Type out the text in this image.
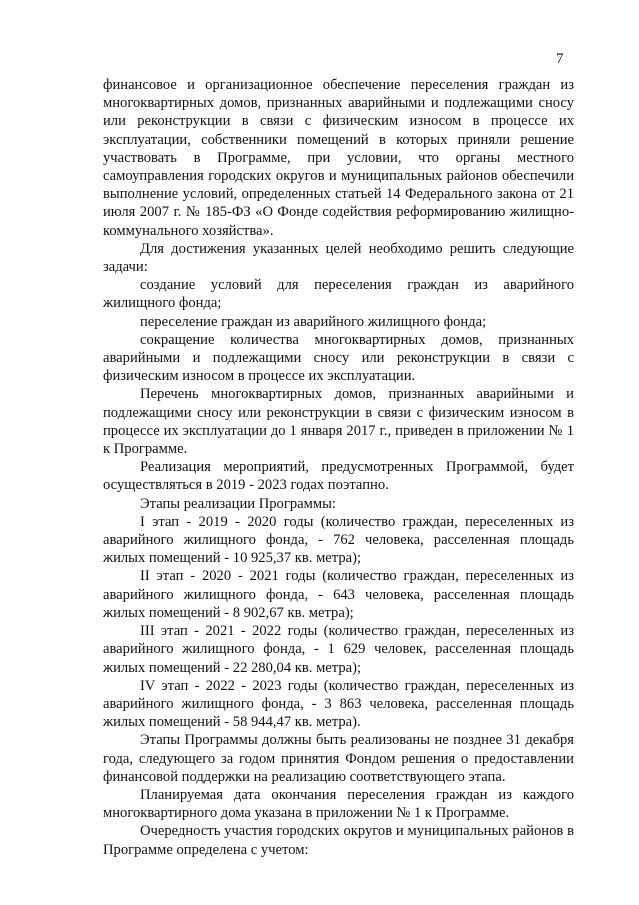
7

финансовое и организационное обеспечение переселения граждан из многоквартирных домов, признанных аварийными и подлежащими сносу или реконструкции в связи с физическим износом в процессе их эксплуатации, собственники помещений в которых приняли решение участвовать в Программе, при условии, что органы местного самоуправления городских округов и муниципальных районов обеспечили выполнение условий, определенных статьей 14 Федерального закона от 21 июля 2007 г. № 185-ФЗ «О Фонде содействия реформированию жилищно-коммунального хозяйства».

Для достижения указанных целей необходимо решить следующие задачи:

создание условий для переселения граждан из аварийного жилищного фонда;

переселение граждан из аварийного жилищного фонда;

сокращение количества многоквартирных домов, признанных аварийными и подлежащими сносу или реконструкции в связи с физическим износом в процессе их эксплуатации.

Перечень многоквартирных домов, признанных аварийными и подлежащими сносу или реконструкции в связи с физическим износом в процессе их эксплуатации до 1 января 2017 г., приведен в приложении № 1 к Программе.

Реализация мероприятий, предусмотренных Программой, будет осуществляться в 2019 - 2023 годах поэтапно.

Этапы реализации Программы:

I этап - 2019 - 2020 годы (количество граждан, переселенных из аварийного жилищного фонда, - 762 человека, расселенная площадь жилых помещений - 10 925,37 кв. метра);

II этап - 2020 - 2021 годы (количество граждан, переселенных из аварийного жилищного фонда, - 643 человека, расселенная площадь жилых помещений - 8 902,67 кв. метра);

III этап - 2021 - 2022 годы (количество граждан, переселенных из аварийного жилищного фонда, - 1 629 человек, расселенная площадь жилых помещений - 22 280,04 кв. метра);

IV этап - 2022 - 2023 годы (количество граждан, переселенных из аварийного жилищного фонда, - 3 863 человека, расселенная площадь жилых помещений - 58 944,47 кв. метра).

Этапы Программы должны быть реализованы не позднее 31 декабря года, следующего за годом принятия Фондом решения о предоставлении финансовой поддержки на реализацию соответствующего этапа.

Планируемая дата окончания переселения граждан из каждого многоквартирного дома указана в приложении № 1 к Программе.

Очередность участия городских округов и муниципальных районов в Программе определена с учетом:
